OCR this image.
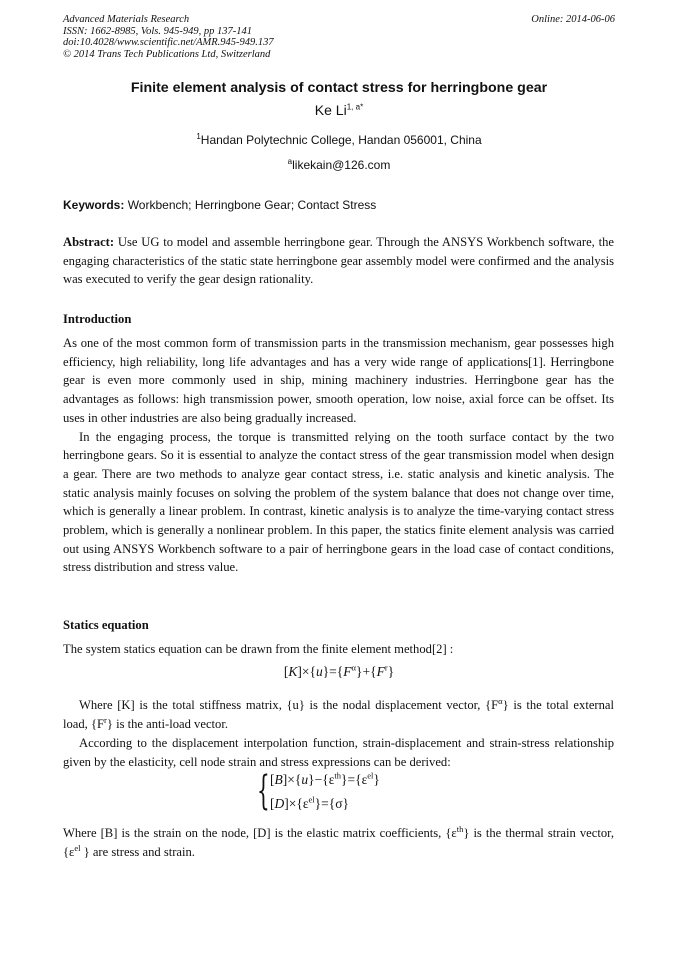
Advanced Materials Research
ISSN: 1662-8985, Vols. 945-949, pp 137-141
doi:10.4028/www.scientific.net/AMR.945-949.137
© 2014 Trans Tech Publications Ltd, Switzerland
Online: 2014-06-06
Finite element analysis of contact stress for herringbone gear
Ke $Li^{1, a*}$
$^1$Handan Polytechnic College, Handan 056001, China
$^a$likekain@126.com
Keywords: Workbench; Herringbone Gear; Contact Stress

Abstract: Use UG to model and assemble herringbone gear. Through the ANSYS Workbench software, the engaging characteristics of the static state herringbone gear assembly model were confirmed and the analysis was executed to verify the gear design rationality.

Introduction

As one of the most common form of transmission parts in the transmission mechanism, gear possesses high efficiency, high reliability, long life advantages and has a very wide range of applications[1]. Herringbone gear is even more commonly used in ship, mining machinery industries. Herringbone gear has the advantages as follows: high transmission power, smooth operation, low noise, axial force can be offset. Its uses in other industries are also being gradually increased.

In the engaging process, the torque is transmitted relying on the tooth surface contact by the two herringbone gears. So it is essential to analyze the contact stress of the gear transmission model when design a gear. There are two methods to analyze gear contact stress, i.e. static analysis and kinetic analysis. The static analysis mainly focuses on solving the problem of the system balance that does not change over time, which is generally a linear problem. In contrast, kinetic analysis is to analyze the time-varying contact stress problem, which is generally a nonlinear problem. In this paper, the statics finite element analysis was carried out using ANSYS Workbench software to a pair of herringbone gears in the load case of contact conditions, stress distribution and stress value.

Statics equation
The system statics equation can be drawn from the finite element method[2] :
$[K]\times\{u\}=\{F^\alpha\}+\{F^r\}$
Where [K] is the total stiffness matrix, {u} is the nodal displacement vector, $\{F^\alpha\}$ is the total external load, $\{F^r\}$ is the anti-load vector.
According to the displacement interpolation function, strain-displacement and strain-stress relationship given by the elasticity, cell node strain and stress expressions can be derived:
{ $[B]\times\{u\}-\{\varepsilon^{th}\}=\{\varepsilon^{el}\}$
$[D]\times\{\varepsilon^{el}\}=\{\sigma\}$
Where [B] is the strain on the node, [D] is the elastic matrix coefficients, $\{\varepsilon^{th}\}$ is the thermal strain vector, {$\varepsilon^{el}$ } are stress and strain.
